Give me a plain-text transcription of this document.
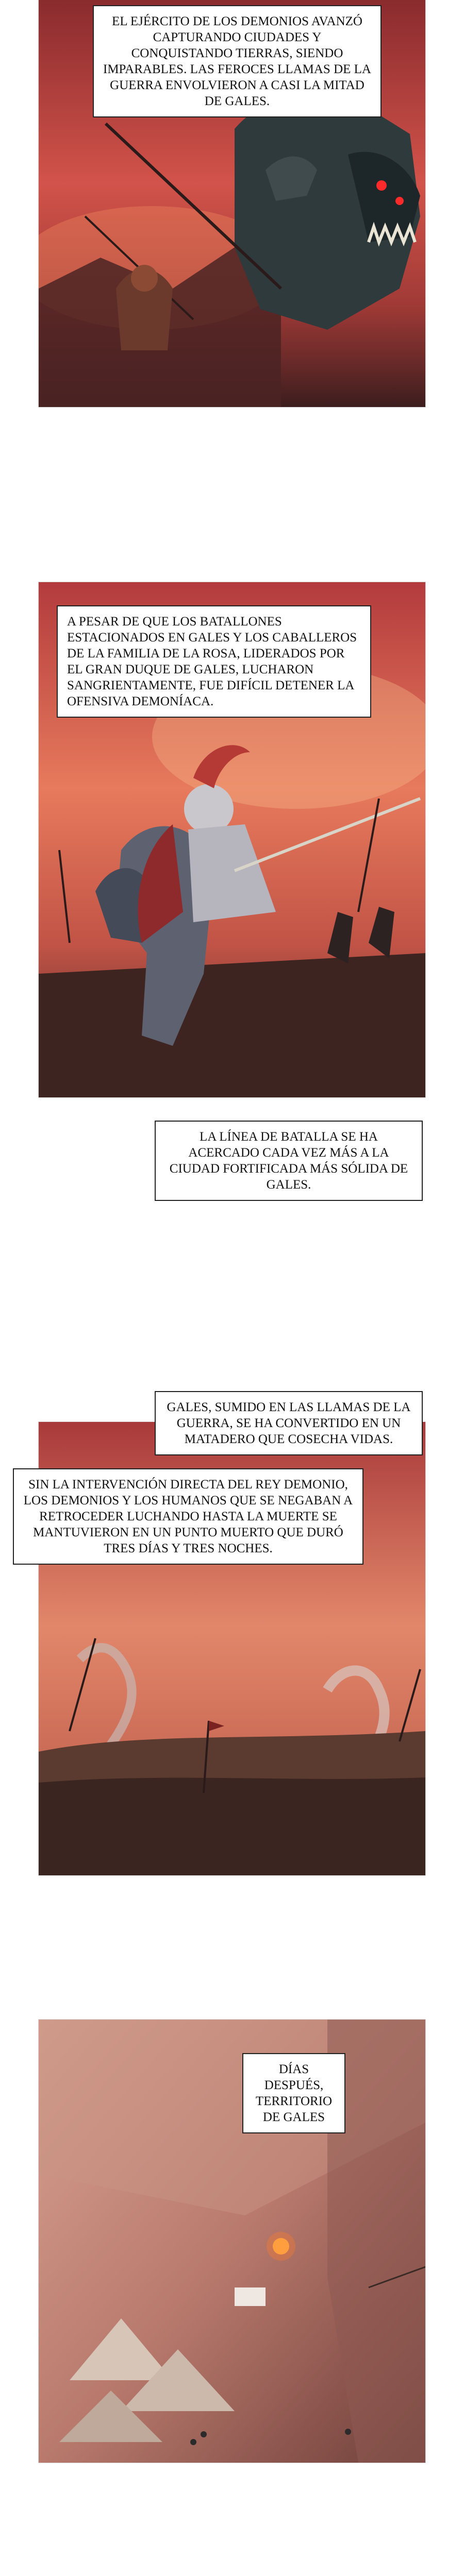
EL EJÉRCITO DE LOS DEMONIOS AVANZÓ CAPTURANDO CIUDADES Y CONQUISTANDO TIERRAS, SIENDO IMPARABLES. LAS FEROCES LLAMAS DE LA GUERRA ENVOLVIERON A CASI LA MITAD DE GALES.
A PESAR DE QUE LOS BATALLONES ESTACIONADOS EN GALES Y LOS CABALLEROS DE LA FAMILIA DE LA ROSA, LIDERADOS POR EL GRAN DUQUE DE GALES, LUCHARON SANGRIENTAMENTE, FUE DIFÍCIL DETENER LA OFENSIVA DEMONÍACA.
LA LÍNEA DE BATALLA SE HA ACERCADO CADA VEZ MÁS A LA CIUDAD FORTIFICADA MÁS SÓLIDA DE GALES.
GALES, SUMIDO EN LAS LLAMAS DE LA GUERRA, SE HA CONVERTIDO EN UN MATADERO QUE COSECHA VIDAS.
SIN LA INTERVENCIÓN DIRECTA DEL REY DEMONIO, LOS DEMONIOS Y LOS HUMANOS QUE SE NEGABAN A RETROCEDER LUCHANDO HASTA LA MUERTE SE MANTUVIERON EN UN PUNTO MUERTO QUE DURÓ TRES DÍAS Y TRES NOCHES.
DÍAS DESPUÉS, TERRITORIO DE GALES
